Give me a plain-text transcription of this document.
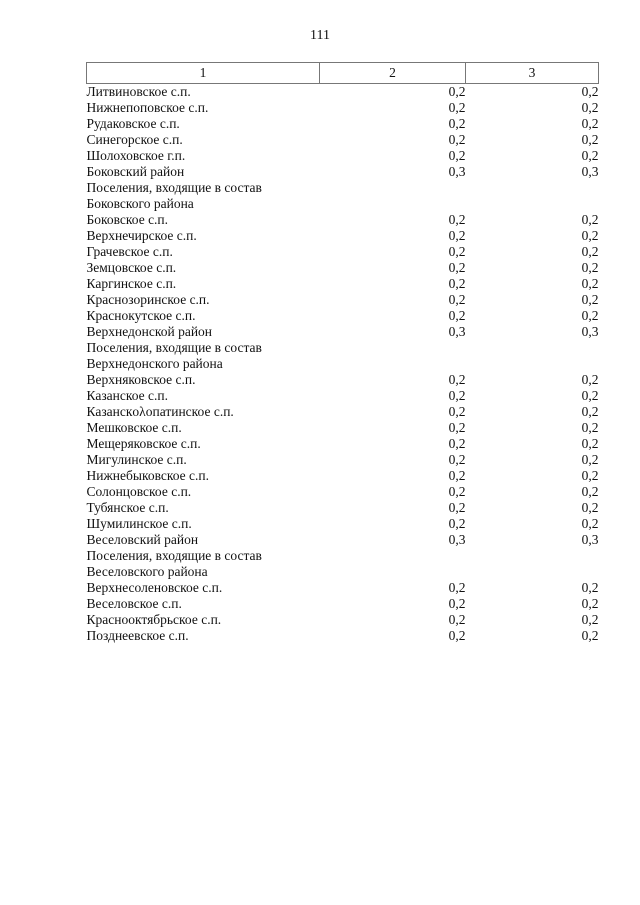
111
1	2	3
Литвиновское с.п.	0,2	0,2
Нижнепоповское с.п.	0,2	0,2
Рудаковское с.п.	0,2	0,2
Синегорское с.п.	0,2	0,2
Шолоховское г.п.	0,2	0,2
Боковский район	0,3	0,3
Поселения, входящие в состав Боковского района		
Боковское с.п.	0,2	0,2
Верхнечирское с.п.	0,2	0,2
Грачевское с.п.	0,2	0,2
Земцовское с.п.	0,2	0,2
Каргинское с.п.	0,2	0,2
Краснозоринское с.п.	0,2	0,2
Краснокутское с.п.	0,2	0,2
Верхнедонской район	0,3	0,3
Поселения, входящие в состав Верхнедонского района		
Верхняковское с.п.	0,2	0,2
Казанское с.п.	0,2	0,2
Казанскολопатинское с.п.	0,2	0,2
Мешковское с.п.	0,2	0,2
Мещеряковское с.п.	0,2	0,2
Мигулинское с.п.	0,2	0,2
Нижнебыковское с.п.	0,2	0,2
Солонцовское с.п.	0,2	0,2
Тубянское с.п.	0,2	0,2
Шумилинское с.п.	0,2	0,2
Веселовский район	0,3	0,3
Поселения, входящие в состав Веселовского района		
Верхнесоленовское с.п.	0,2	0,2
Веселовское с.п.	0,2	0,2
Краснооктябрьское с.п.	0,2	0,2
Позднеевское с.п.	0,2	0,2
